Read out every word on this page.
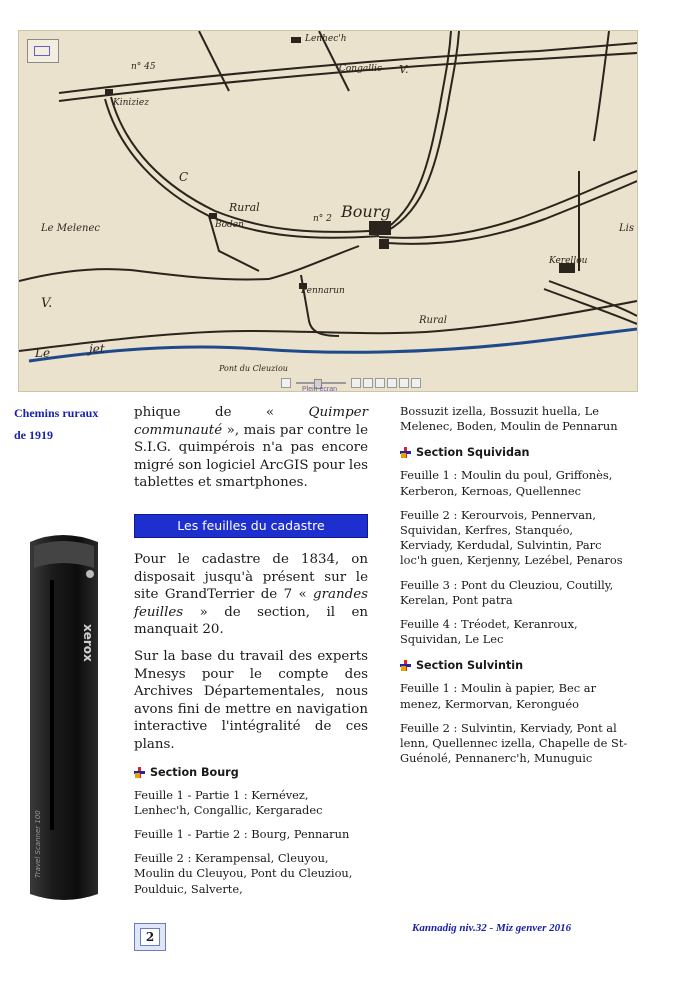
n° 45
Kiniziez
Lenhec'h
Congallic V.
Boden
Bourg
n° 2
Rural
Pennarun
Kerellou
Le Melenec
C
V.
Rural
Pont du Cleuziou
jet
Le
Lis
Plein écran
Chemins ruraux
de 1919
xerox
Travel Scanner 100

phique de « Quimper communauté », mais par contre le S.I.G. quimpérois n'a pas encore migré son logiciel ArcGIS pour les tablettes et smartphones.

Les feuilles du cadastre

Pour le cadastre de 1834, on disposait jusqu'à présent sur le site GrandTerrier de 7 « grandes feuilles » de section, il en manquait 20.

Sur la base du travail des experts Mnesys pour le compte des Archives Départementales, nous avons fini de mettre en navigation interactive l'intégralité de ces plans.

Section Bourg

Feuille 1 - Partie 1 : Kernévez, Lenhec'h, Congallic, Kergaradec

Feuille 1 - Partie 2 : Bourg, Pennarun

Feuille 2 : Kerampensal, Cleuyou, Moulin du Cleuyou, Pont du Cleuziou, Poulduic, Salverte,

Bossuzit izella, Bossuzit huella, Le Melenec, Boden, Moulin de Pennarun

Section Squividan

Feuille 1 : Moulin du poul, Griffonès, Kerberon, Kernoas, Quellennec

Feuille 2 : Kerourvois, Pennervan, Squividan, Kerfres, Stanquéo, Kerviady, Kerdudal, Sulvintin, Parc loc'h guen, Kerjenny, Lezébel, Penaros

Feuille 3 : Pont du Cleuziou, Coutilly, Kerelan, Pont patra

Feuille 4 : Tréodet, Keranroux, Squividan, Le Lec

Section Sulvintin

Feuille 1 : Moulin à papier, Bec ar menez, Kermorvan, Keronguéo

Feuille 2 : Sulvintin, Kerviady, Pont al lenn, Quellennec izella, Chapelle de St-Guénolé, Pennanerc'h, Munuguic

2
Kannadig niv.32 - Miz genver 2016
